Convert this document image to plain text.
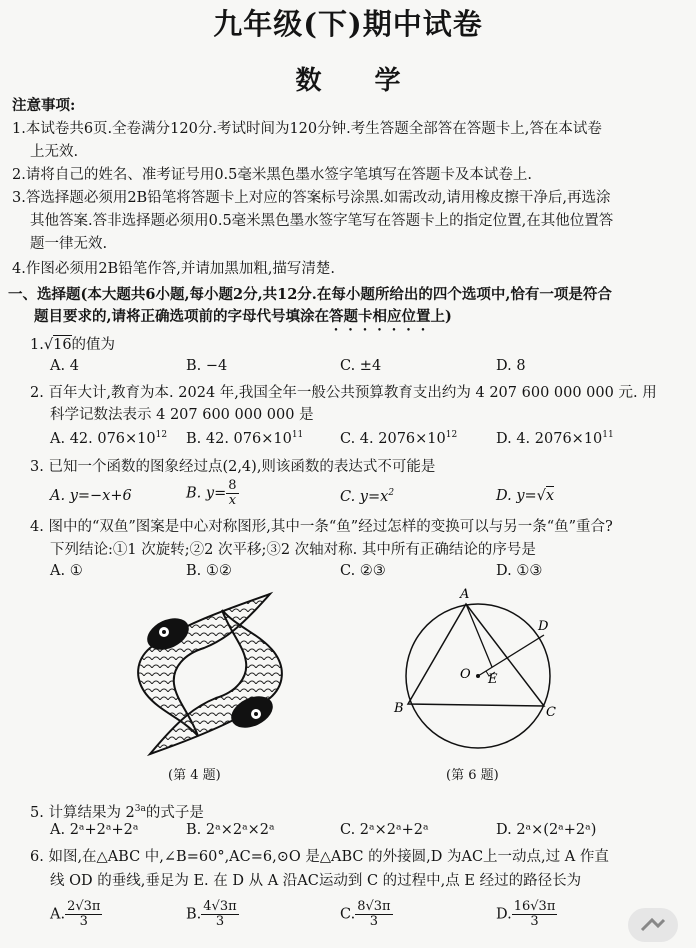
九年级(下)期中试卷
数 学
注意事项:
1.本试卷共6页.全卷满分120分.考试时间为120分钟.考生答题全部答在答题卡上,答在本试卷
上无效.
2.请将自己的姓名、准考证号用0.5毫米黑色墨水签字笔填写在答题卡及本试卷上.
3.答选择题必须用2B铅笔将答题卡上对应的答案标号涂黑.如需改动,请用橡皮擦干净后,再选涂
其他答案.答非选择题必须用0.5毫米黑色墨水签字笔写在答题卡上的指定位置,在其他位置答
题一律无效.
4.作图必须用2B铅笔作答,并请加黑加粗,描写清楚.
一、选择题(本大题共6小题,每小题2分,共12分.在每小题所给出的四个选项中,恰有一项是符合
题目要求的,请将正确选项前的字母代号填涂在答题卡相应位置上)
1.√16的值为
A. 4	B. −4	C. ±4	D. 8
2. 百年大计,教育为本. 2024 年,我国全年一般公共预算教育支出约为 4 207 600 000 000 元. 用
科学记数法表示 4 207 600 000 000 是
A. 42. $076\times 10^{12}$ B. 42. $076\times 10^{11}$	C. 4. $2076\times 10^{12}$	D. 4. $2076\times 10^{11}$
3. 已知一个函数的图象经过点(2,4),则该函数的表达式不可能是
A. y=−x+6	B. $y= \frac{8}{x}$	C. $y=x^2$	D. y=√x
4. 图中的“双鱼”图案是中心对称图形,其中一条“鱼”经过怎样的变换可以与另一条“鱼”重合?
下列结论:①1 次旋转;②2 次平移;③2 次轴对称. 其中所有正确结论的序号是
A. ①	B. ①②	C. ②③	D. ①③
(第 4 题)
A
B	C
D
O E
(第 6 题)
5. 计算结果为 $2^{3a}$的式子是
A. 2ᵃ+2ᵃ+2ᵃ	B. 2ᵃ×2ᵃ×2ᵃ	C. 2ᵃ×2ᵃ+2ᵃ	D. 2ᵃ×(2ᵃ+2ᵃ)
6. 如图,在△ABC 中,∠B=60°,AC=6,⊙O 是△ABC 的外接圆,D 为AC上一动点,过 A 作直
线 OD 的垂线,垂足为 E. 在 D 从 A 沿AC运动到 C 的过程中,点 E 经过的路径长为
A. $\frac{2√3\pi}{3}$	B. $\frac{4√3\pi}{3}$	C. $\frac{8√3\pi}{3}$	D. $\frac{16√3\pi}{3}$
